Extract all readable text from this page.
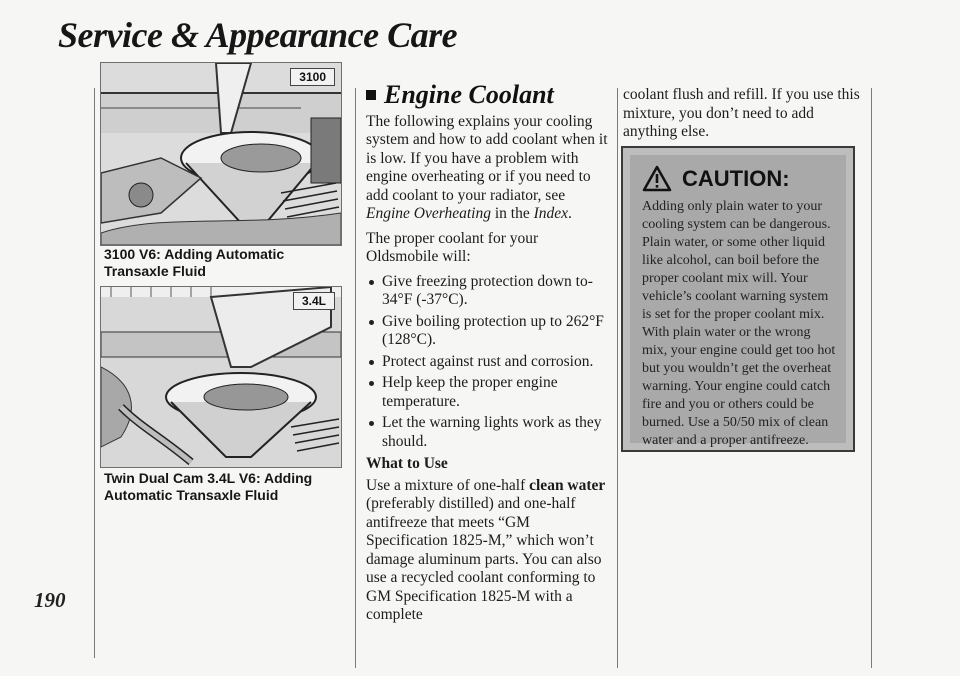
Service & Appearance Care
190
3100
3100 V6: Adding Automatic Transaxle Fluid
3.4L
Twin Dual Cam 3.4L V6: Adding Automatic Transaxle Fluid
Engine Coolant

The following explains your cooling system and how to add coolant when it is low. If you have a problem with engine overheating or if you need to add coolant to your radiator, see Engine Overheating in the Index.

The proper coolant for your Oldsmobile will:

Give freezing protection down to-34°F (-37°C).
Give boiling protection up to 262°F (128°C).
Protect against rust and corrosion.
Help keep the proper engine temperature.
Let the warning lights work as they should.
What to Use

Use a mixture of one-half clean water (preferably distilled) and one-half antifreeze that meets “GM Specification 1825-M,” which won’t damage aluminum parts. You can also use a recycled coolant conforming to GM Specification 1825-M with a complete

coolant flush and refill. If you use this mixture, you don’t need to add anything else.
CAUTION:
Adding only plain water to your cooling system can be dangerous. Plain water, or some other liquid like alcohol, can boil before the proper coolant mix will. Your vehicle’s coolant warning system is set for the proper coolant mix. With plain water or the wrong mix, your engine could get too hot but you wouldn’t get the overheat warning. Your engine could catch fire and you or others could be burned. Use a 50/50 mix of clean water and a proper antifreeze.
